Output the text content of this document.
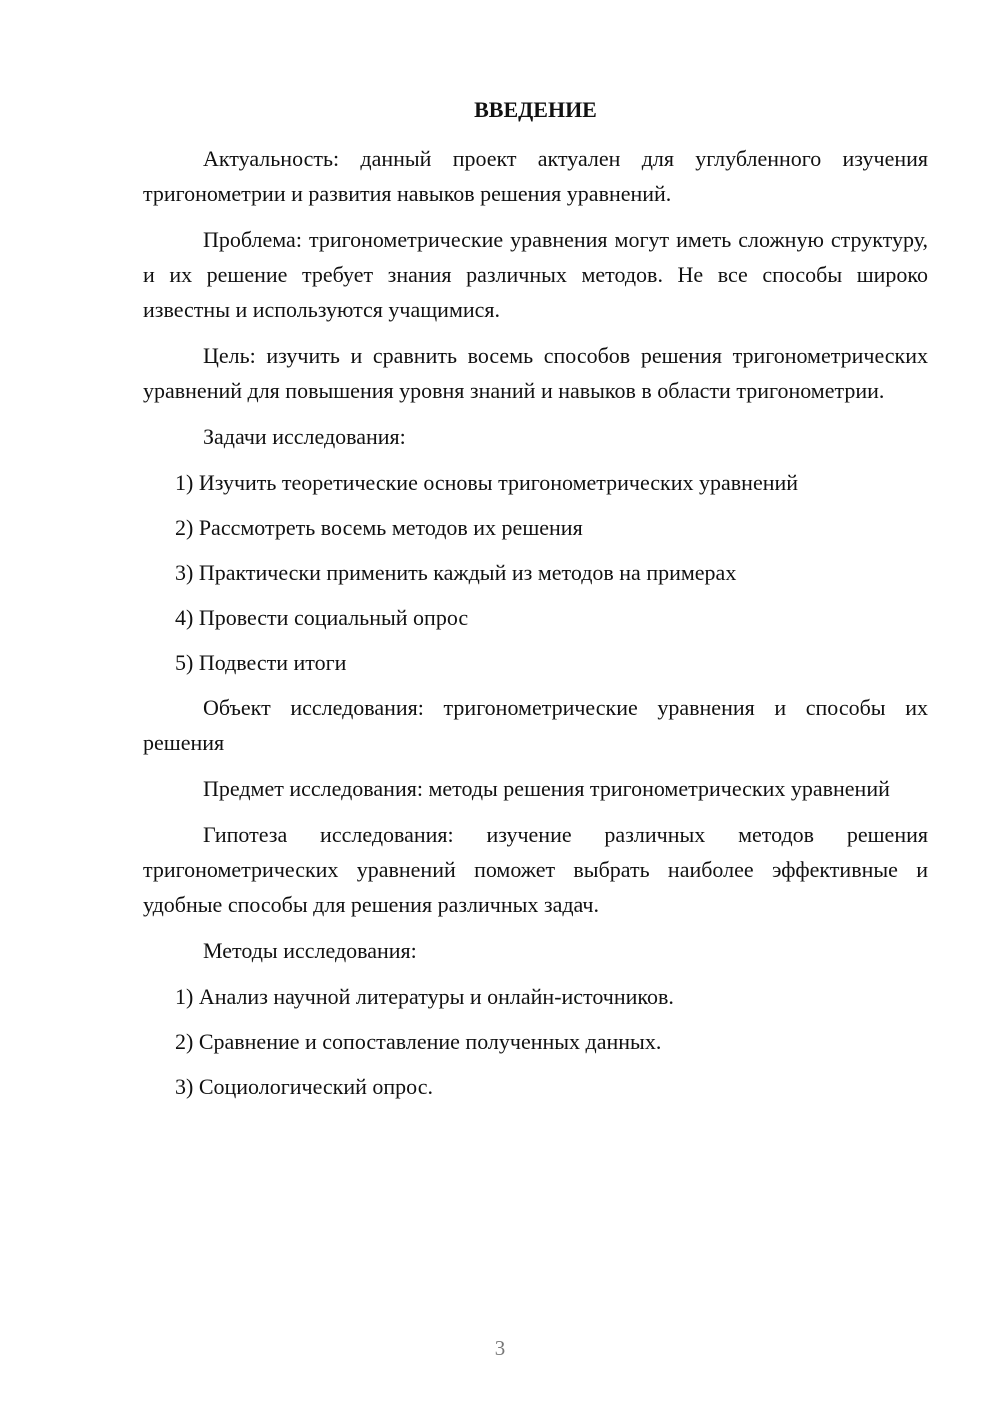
ВВЕДЕНИЕ

Актуальность: данный проект актуален для углубленного изучения тригонометрии и развития навыков решения уравнений.

Проблема: тригонометрические уравнения могут иметь сложную структуру, и их решение требует знания различных методов. Не все способы широко известны и используются учащимися.

Цель: изучить и сравнить восемь способов решения тригонометрических уравнений для повышения уровня знаний и навыков в области тригонометрии.

Задачи исследования:

1) Изучить теоретические основы тригонометрических уравнений

2) Рассмотреть восемь методов их решения

3) Практически применить каждый из методов на примерах

4) Провести социальный опрос

5) Подвести итоги

Объект исследования: тригонометрические уравнения и способы их решения

Предмет исследования: методы решения тригонометрических уравнений

Гипотеза исследования: изучение различных методов решения тригонометрических уравнений поможет выбрать наиболее эффективные и удобные способы для решения различных задач.

Методы исследования:

1) Анализ научной литературы и онлайн-источников.

2) Сравнение и сопоставление полученных данных.

3) Социологический опрос.

3
